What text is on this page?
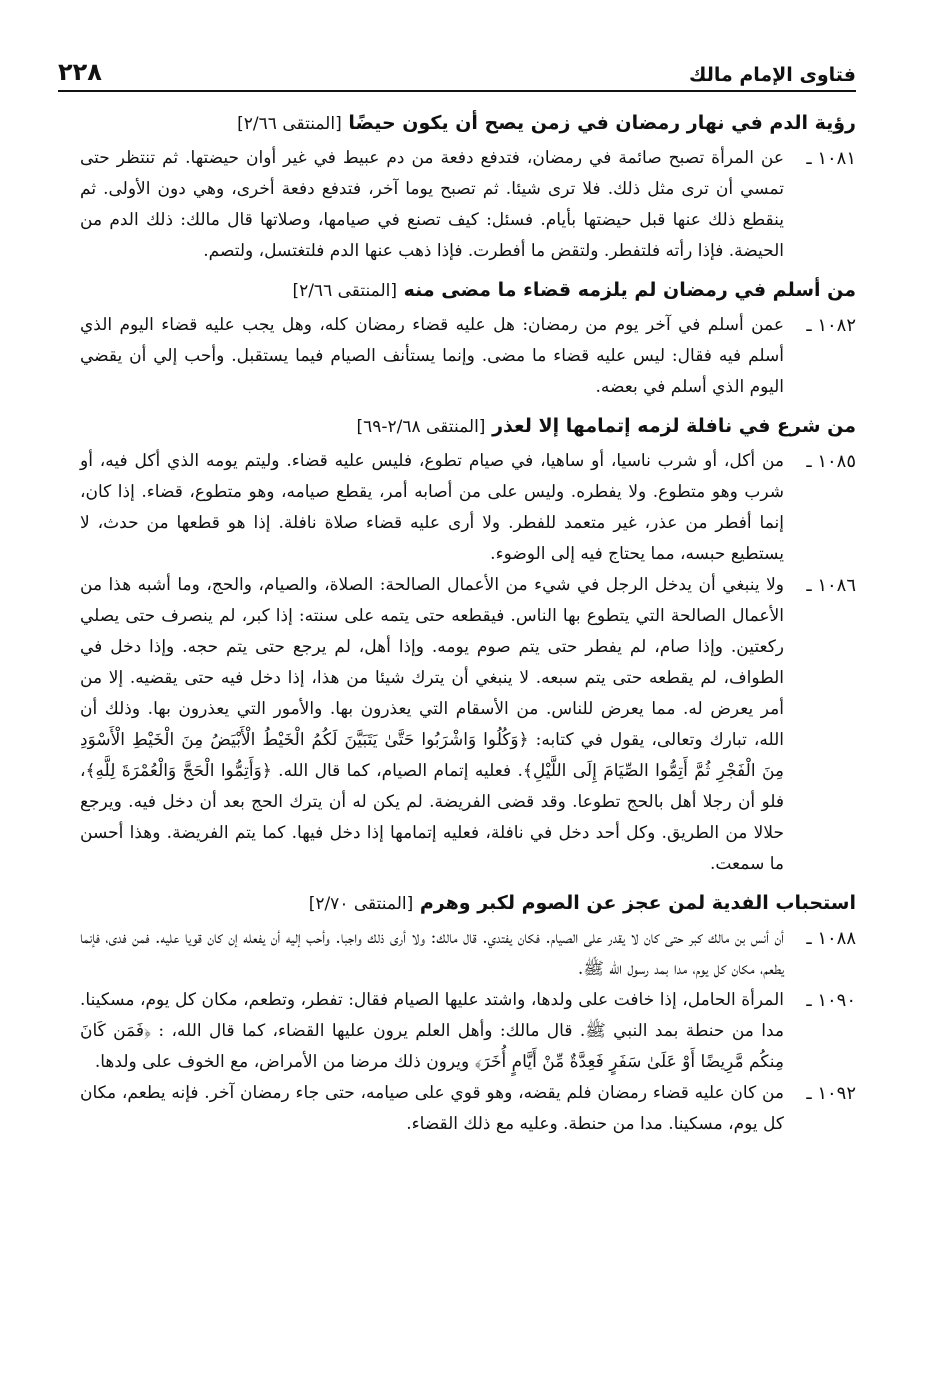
فتاوى الإمام مالك
٢٢٨
رؤية الدم في نهار رمضان في زمن يصح أن يكون حيضًا [المنتقى ٢/٦٦]
١٠٨١ ـ
عن المرأة تصبح صائمة في رمضان، فتدفع دفعة من دم عبيط في غير أوان حيضتها. ثم تنتظر حتى تمسي أن ترى مثل ذلك. فلا ترى شيئا. ثم تصبح يوما آخر، فتدفع دفعة أخرى، وهي دون الأولى. ثم ينقطع ذلك عنها قبل حيضتها بأيام. فسئل: كيف تصنع في صيامها، وصلاتها قال مالك: ذلك الدم من الحيضة. فإذا رأته فلتفطر. ولتقض ما أفطرت. فإذا ذهب عنها الدم فلتغتسل، ولتصم.
من أسلم في رمضان لم يلزمه قضاء ما مضى منه [المنتقى ٢/٦٦]
١٠٨٢ ـ
عمن أسلم في آخر يوم من رمضان: هل عليه قضاء رمضان كله، وهل يجب عليه قضاء اليوم الذي أسلم فيه فقال: ليس عليه قضاء ما مضى. وإنما يستأنف الصيام فيما يستقبل. وأحب إلي أن يقضي اليوم الذي أسلم في بعضه.
من شرع في نافلة لزمه إتمامها إلا لعذر [المنتقى ٢/٦٨-٦٩]
١٠٨٥ ـ
من أكل، أو شرب ناسيا، أو ساهيا، في صيام تطوع، فليس عليه قضاء. وليتم يومه الذي أكل فيه، أو شرب وهو متطوع. ولا يفطره. وليس على من أصابه أمر، يقطع صيامه، وهو متطوع، قضاء. إذا كان، إنما أفطر من عذر، غير متعمد للفطر. ولا أرى عليه قضاء صلاة نافلة. إذا هو قطعها من حدث، لا يستطيع حبسه، مما يحتاج فيه إلى الوضوء.
١٠٨٦ ـ
ولا ينبغي أن يدخل الرجل في شيء من الأعمال الصالحة: الصلاة، والصيام، والحج، وما أشبه هذا من الأعمال الصالحة التي يتطوع بها الناس. فيقطعه حتى يتمه على سنته: إذا كبر، لم ينصرف حتى يصلي ركعتين. وإذا صام، لم يفطر حتى يتم صوم يومه. وإذا أهل، لم يرجع حتى يتم حجه. وإذا دخل في الطواف، لم يقطعه حتى يتم سبعه. لا ينبغي أن يترك شيئا من هذا، إذا دخل فيه حتى يقضيه. إلا من أمر يعرض له. مما يعرض للناس. من الأسقام التي يعذرون بها. والأمور التي يعذرون بها. وذلك أن الله، تبارك وتعالى، يقول في كتابه: ﴿وَكُلُوا وَاشْرَبُوا حَتَّىٰ يَتَبَيَّنَ لَكُمُ الْخَيْطُ الْأَبْيَضُ مِنَ الْخَيْطِ الْأَسْوَدِ مِنَ الْفَجْرِ ثُمَّ أَتِمُّوا الصِّيَامَ إِلَى اللَّيْلِ﴾. فعليه إتمام الصيام، كما قال الله. ﴿وَأَتِمُّوا الْحَجَّ وَالْعُمْرَةَ لِلَّهِ﴾، فلو أن رجلا أهل بالحج تطوعا. وقد قضى الفريضة. لم يكن له أن يترك الحج بعد أن دخل فيه. ويرجع حلالا من الطريق. وكل أحد دخل في نافلة، فعليه إتمامها إذا دخل فيها. كما يتم الفريضة. وهذا أحسن ما سمعت.
استحباب الفدية لمن عجز عن الصوم لكبر وهرم [المنتقى ٢/٧٠]
١٠٨٨ ـ
أن أنس بن مالك كبر حتى كان لا يقدر على الصيام. فكان يفتدي. قال مالك: ولا أرى ذلك واجبا. وأحب إليه أن يفعله إن كان قويا عليه. فمن فدى، فإنما يطعم، مكان كل يوم، مدا بمد رسول الله ﷺ.
١٠٩٠ ـ
المرأة الحامل، إذا خافت على ولدها، واشتد عليها الصيام فقال: تفطر، وتطعم، مكان كل يوم، مسكينا. مدا من حنطة بمد النبي ﷺ. قال مالك: وأهل العلم يرون عليها القضاء، كما قال الله، : ﴿فَمَن كَانَ مِنكُم مَّرِيضًا أَوْ عَلَىٰ سَفَرٍ فَعِدَّةٌ مِّنْ أَيَّامٍ أُخَرَ﴾ ويرون ذلك مرضا من الأمراض، مع الخوف على ولدها.
١٠٩٢ ـ
من كان عليه قضاء رمضان فلم يقضه، وهو قوي على صيامه، حتى جاء رمضان آخر. فإنه يطعم، مكان كل يوم، مسكينا. مدا من حنطة. وعليه مع ذلك القضاء.
